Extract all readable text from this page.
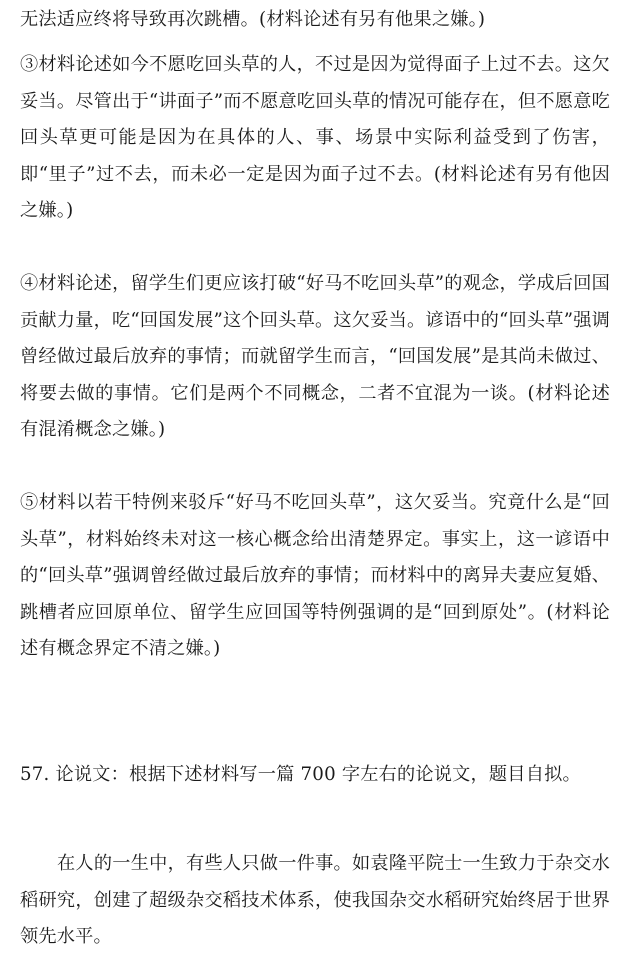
无法适应终将导致再次跳槽。(材料论述有另有他果之嫌。)

③材料论述如今不愿吃回头草的人，不过是因为觉得面子上过不去。这欠妥当。尽管出于“讲面子”而不愿意吃回头草的情况可能存在，但不愿意吃回头草更可能是因为在具体的人、事、场景中实际利益受到了伤害，即“里子”过不去，而未必一定是因为面子过不去。(材料论述有另有他因之嫌。)

④材料论述，留学生们更应该打破“好马不吃回头草”的观念，学成后回国贡献力量，吃“回国发展”这个回头草。这欠妥当。谚语中的“回头草”强调曾经做过最后放弃的事情；而就留学生而言，“回国发展”是其尚未做过、将要去做的事情。它们是两个不同概念，二者不宜混为一谈。(材料论述有混淆概念之嫌。)

⑤材料以若干特例来驳斥“好马不吃回头草”，这欠妥当。究竟什么是“回头草”，材料始终未对这一核心概念给出清楚界定。事实上，这一谚语中的“回头草”强调曾经做过最后放弃的事情；而材料中的离异夫妻应复婚、跳槽者应回原单位、留学生应回国等特例强调的是“回到原处”。(材料论述有概念界定不清之嫌。)

57. 论说文：根据下述材料写一篇 700 字左右的论说文，题目自拟。

在人的一生中，有些人只做一件事。如袁隆平院士一生致力于杂交水稻研究，创建了超级杂交稻技术体系，使我国杂交水稻研究始终居于世界领先水平。
